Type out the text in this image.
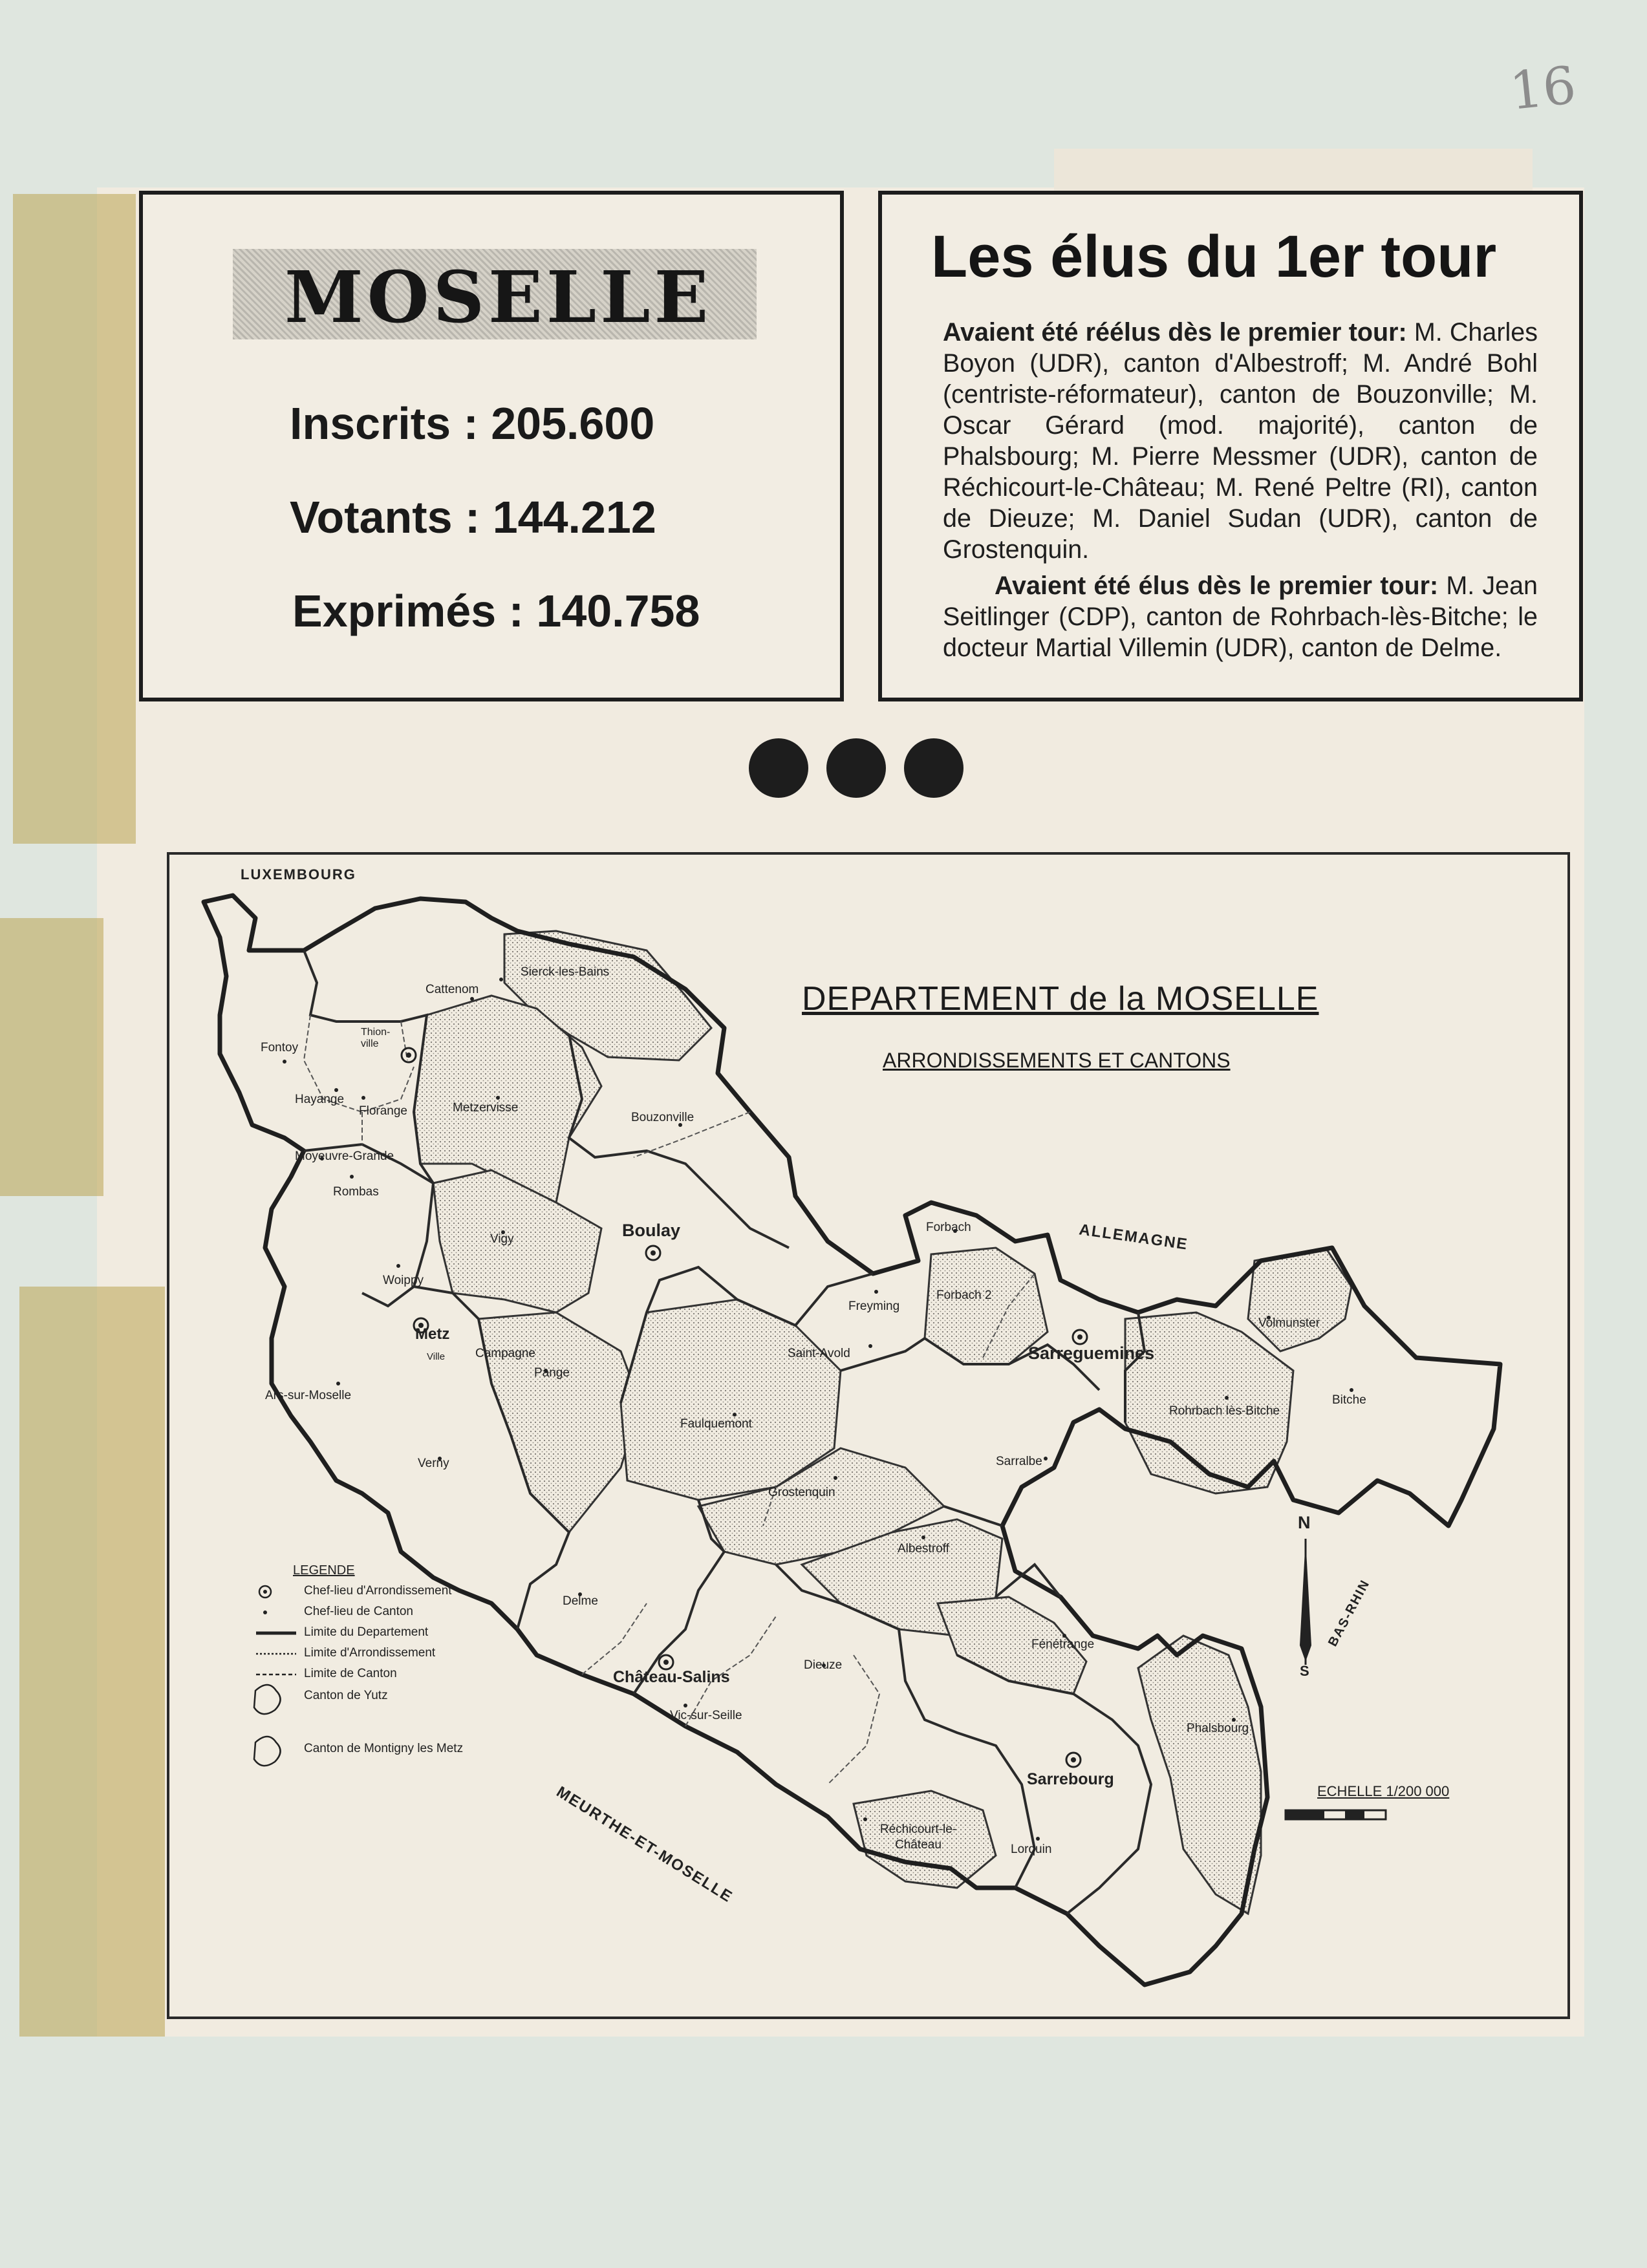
16
MOSELLE
Inscrits : 205.600
Votants : 144.212
Exprimés : 140.758
Les élus du 1er tour

Avaient été réélus dès le premier tour: M. Charles Boyon (UDR), canton d'Albestroff; M. André Bohl (centriste-réformateur), canton de Bouzonville; M. Oscar Gérard (mod. majorité), canton de Phalsbourg; M. Pierre Messmer (UDR), canton de Réchicourt-le-Château; M. René Peltre (RI), canton de Dieuze; M. Daniel Sudan (UDR), canton de Grostenquin.

Avaient été élus dès le premier tour: M. Jean Seitlinger (CDP), canton de Rohrbach-lès-Bitche; le docteur Martial Villemin (UDR), canton de Delme.

DEPARTEMENT de la MOSELLE
ARRONDISSEMENTS ET CANTONS
LUXEMBOURG
ALLEMAGNE
MEURTHE-ET-MOSELLE
BAS-RHIN
Sierck-les-Bains
Cattenom
Thion-ville
Fontoy
Hayange
Florange	Metzervisse
Bouzonville
Moyeuvre-Grande
Rombas
Vigy	Boulay
Woippy
Metz
Ville Campagne
Pange
Ars-sur-Moselle
Verny
Forbach
Forbach 2
Freyming
Saint-Avold	Sarreguemines
Volmunster
Bitche
Rohrbach lès-Bitche
Faulquemont
Sarralbe
Grostenquin
Albestroff
Delme
Fénétrange
Château-Salins
Dieuze
Vic-sur-Seille
Phalsbourg
Sarrebourg
Réchicourt-le-Château	Lorquin
N
S
ECHELLE 1/200 000
LEGENDE
Chef-lieu d'Arrondissement
Chef-lieu de Canton
Limite du Departement
Limite d'Arrondissement
Limite de Canton
Canton de Yutz
Canton de Montigny les Metz
